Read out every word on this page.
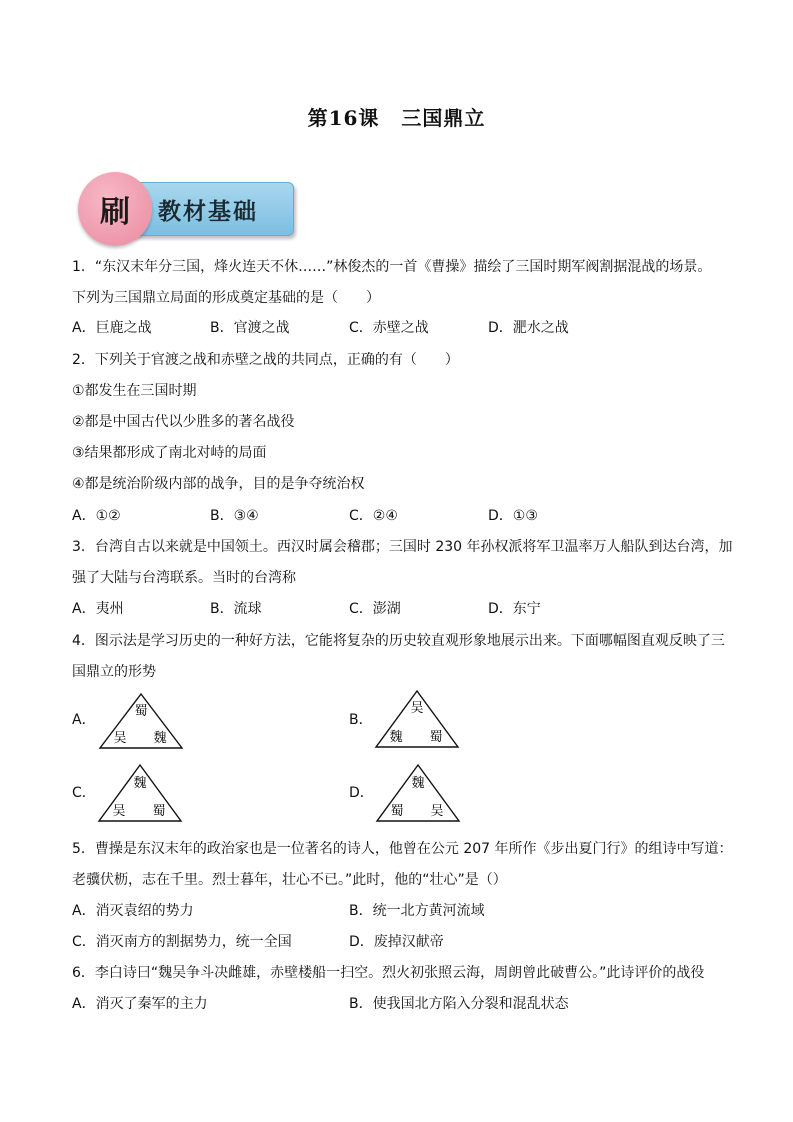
第16课 三国鼎立
教材基础
刷
1．“东汉末年分三国，烽火连天不休……”林俊杰的一首《曹操》描绘了三国时期军阀割据混战的场景。
下列为三国鼎立局面的形成奠定基础的是（　　）
A．巨鹿之战	B．官渡之战	C．赤壁之战	D．淝水之战
2．下列关于官渡之战和赤壁之战的共同点，正确的有（　　）
①都发生在三国时期
②都是中国古代以少胜多的著名战役
③结果都形成了南北对峙的局面
④都是统治阶级内部的战争，目的是争夺统治权
A．①②	B．③④	C．②④	D．①③
3．台湾自古以来就是中国领土。西汉时属会稽郡；三国时 230 年孙权派将军卫温率万人船队到达台湾，加
强了大陆与台湾联系。当时的台湾称
A．夷州	B．流球	C．澎湖	D．东宁
4．图示法是学习历史的一种好方法，它能将复杂的历史较直观形象地展示出来。下面哪幅图直观反映了三
国鼎立的形势
A．
蜀
吴 魏
B．
吴
魏 蜀
C．
魏
吴 蜀
D．
魏
蜀 吴
5．曹操是东汉末年的政治家也是一位著名的诗人，他曾在公元 207 年所作《步出夏门行》的组诗中写道：
老骥伏枥，志在千里。烈士暮年，壮心不已。”此时，他的“壮心”是（）
A．消灭袁绍的势力	B．统一北方黄河流域
C．消灭南方的割据势力，统一全国	D．废掉汉献帝
6．李白诗曰“魏吴争斗决雌雄，赤壁楼船一扫空。烈火初张照云海，周朗曾此破曹公。”此诗评价的战役
A．消灭了秦军的主力	B．使我国北方陷入分裂和混乱状态
